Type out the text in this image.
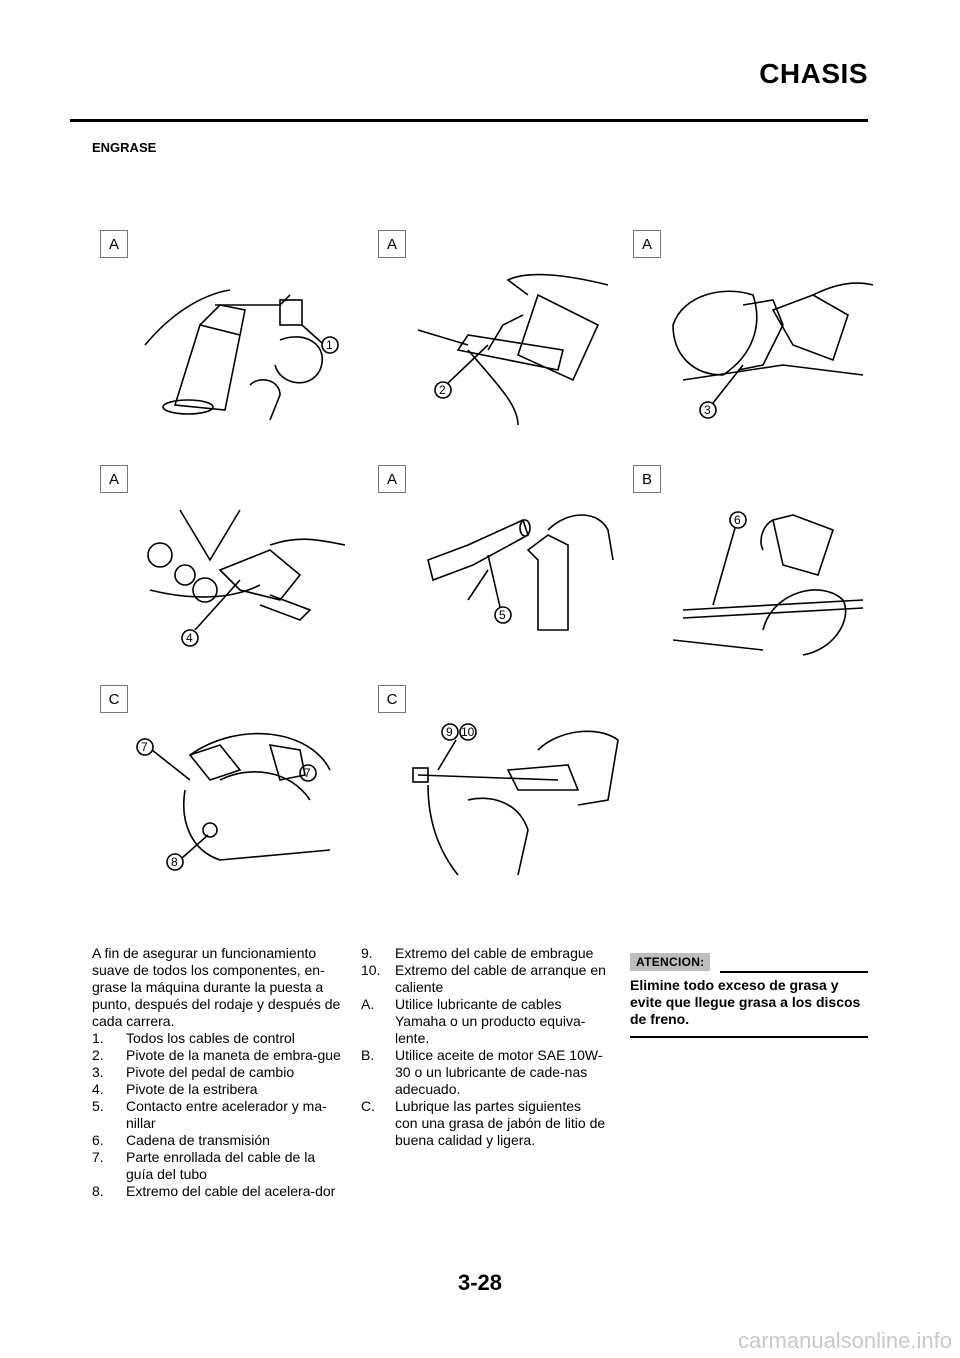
CHASIS
ENGRASE
A
1
A
2
A
3
A
4
A
5
B
6
C
7
7
8
C
9 10

A fin de asegurar un funcionamiento suave de todos los componentes, en-grase la máquina durante la puesta a punto, después del rodaje y después de cada carrera.

1.	Todos los cables de control
2.	Pivote de la maneta de embra-gue
3.	Pivote del pedal de cambio
4.	Pivote de la estribera
5.	Contacto entre acelerador y ma-nillar
6.	Cadena de transmisión
7.	Parte enrollada del cable de la guía del tubo
8.	Extremo del cable del acelera-dor
9.	Extremo del cable de embrague
10.	Extremo del cable de arranque en caliente
A.	Utilice lubricante de cables Yamaha o un producto equiva-lente.
B.	Utilice aceite de motor SAE 10W-30 o un lubricante de cade-nas adecuado.
C.	Lubrique las partes siguientes con una grasa de jabón de litio de buena calidad y ligera.
ATENCION:
Elimine todo exceso de grasa y evite que llegue grasa a los discos de freno.
3-28
carmanualsonline.info
